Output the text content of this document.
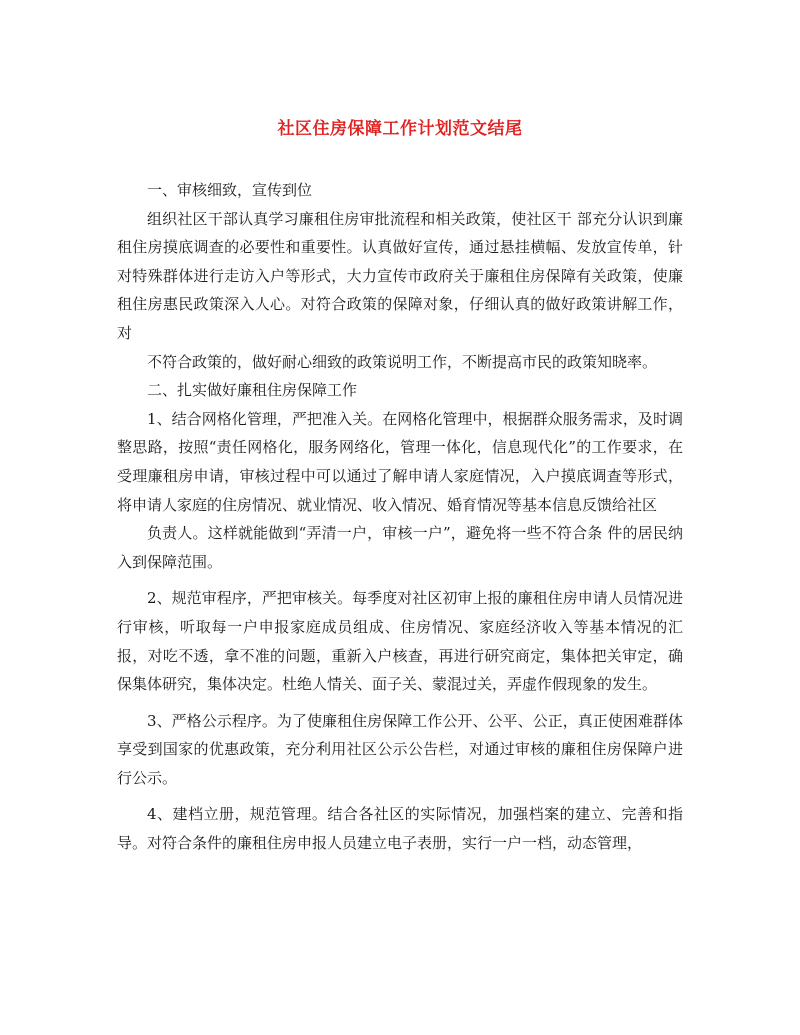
社区住房保障工作计划范文结尾

一、审核细致，宣传到位

组织社区干部认真学习廉租住房审批流程和相关政策，使社区干 部充分认识到廉租住房摸底调查的必要性和重要性。认真做好宣传，通过悬挂横幅、发放宣传单，针对特殊群体进行走访入户等形式，大力宣传市政府关于廉租住房保障有关政策，使廉租住房惠民政策深入人心。对符合政策的保障对象，仔细认真的做好政策讲解工作，对

不符合政策的，做好耐心细致的政策说明工作，不断提高市民的政策知晓率。

二、扎实做好廉租住房保障工作

1、结合网格化管理，严把准入关。在网格化管理中，根据群众服务需求，及时调整思路，按照“责任网格化，服务网络化，管理一体化，信息现代化”的工作要求，在受理廉租房申请，审核过程中可以通过了解申请人家庭情况，入户摸底调查等形式，将申请人家庭的住房情况、就业情况、收入情况、婚育情况等基本信息反馈给社区

负责人。这样就能做到“弄清一户，审核一户”，避免将一些不符合条 件的居民纳入到保障范围。

2、规范审程序，严把审核关。每季度对社区初审上报的廉租住房申请人员情况进行审核，听取每一户申报家庭成员组成、住房情况、家庭经济收入等基本情况的汇报，对吃不透，拿不准的问题，重新入户核查，再进行研究商定，集体把关审定，确保集体研究，集体决定。杜绝人情关、面子关、蒙混过关，弄虚作假现象的发生。

3、严格公示程序。为了使廉租住房保障工作公开、公平、公正，真正使困难群体享受到国家的优惠政策，充分利用社区公示公告栏，对通过审核的廉租住房保障户进行公示。

4、建档立册，规范管理。结合各社区的实际情况，加强档案的建立、完善和指导。对符合条件的廉租住房申报人员建立电子表册，实行一户一档，动态管理，
